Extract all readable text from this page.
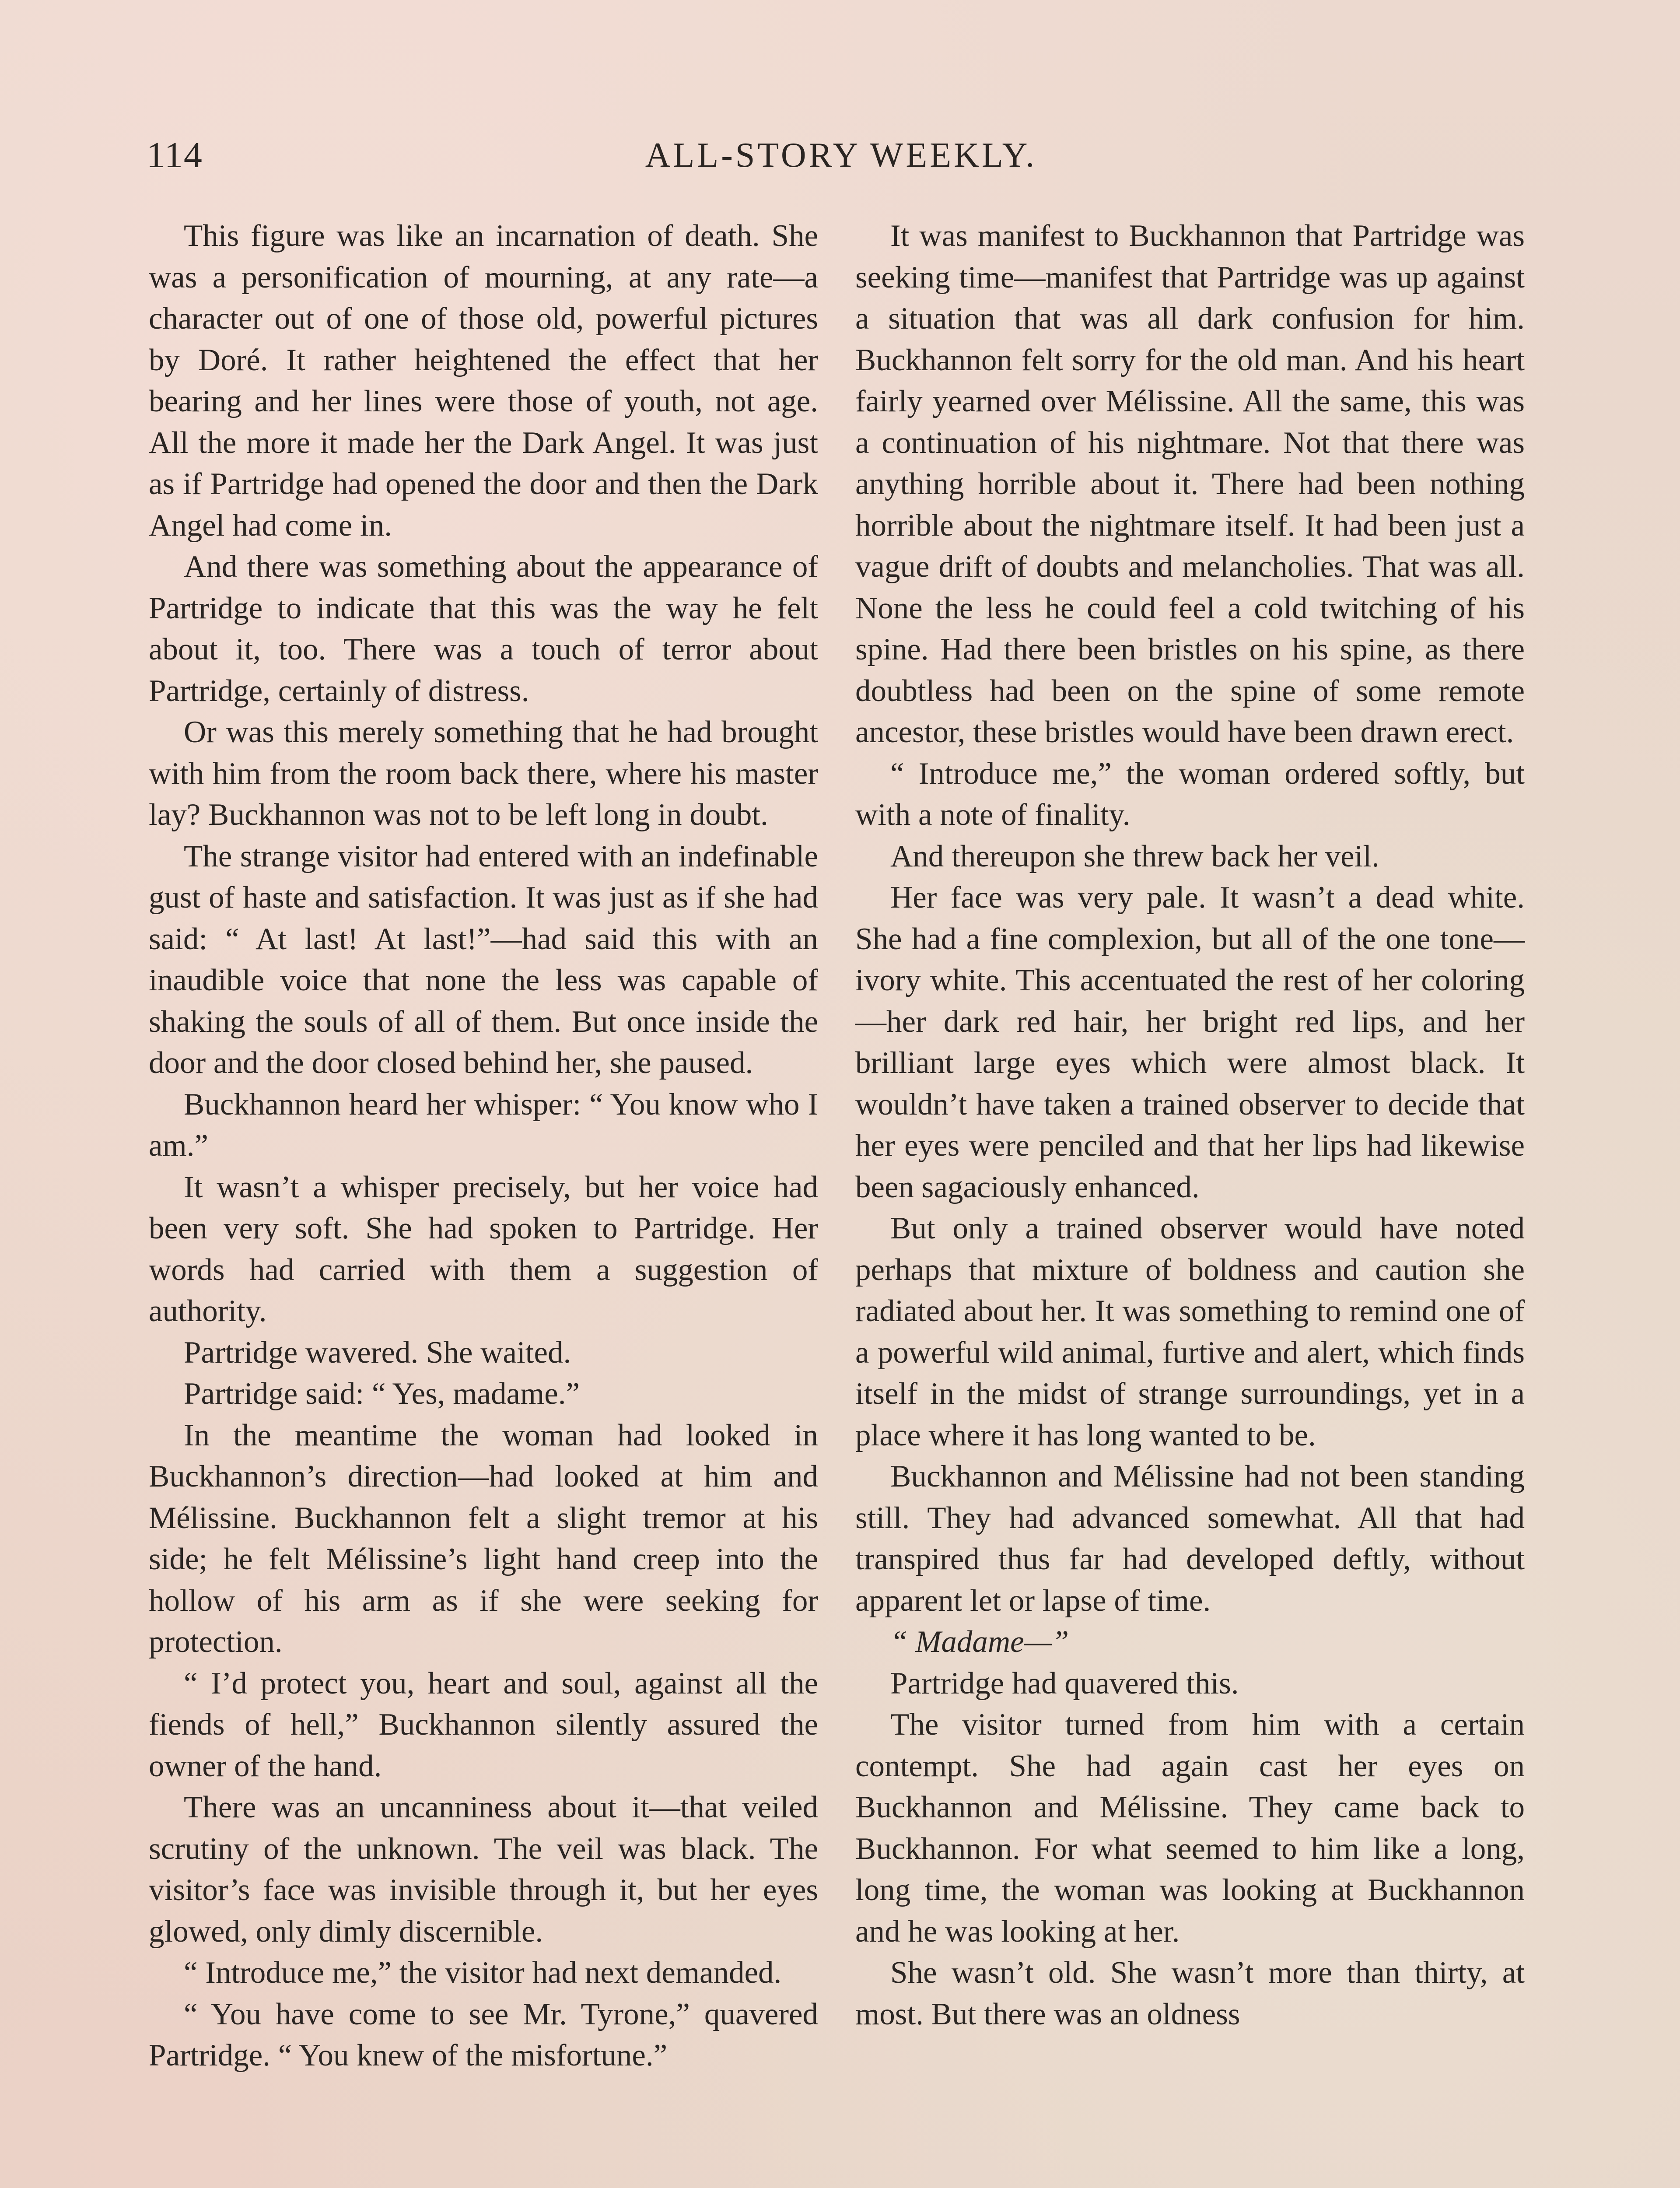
114	ALL-STORY WEEKLY.

This figure was like an incarnation of death. She was a personification of mourning, at any rate—a character out of one of those old, powerful pictures by Doré. It rather heightened the effect that her bearing and her lines were those of youth, not age. All the more it made her the Dark Angel. It was just as if Partridge had opened the door and then the Dark Angel had come in.

And there was something about the appearance of Partridge to indicate that this was the way he felt about it, too. There was a touch of terror about Partridge, certainly of distress.

Or was this merely something that he had brought with him from the room back there, where his master lay? Buckhannon was not to be left long in doubt.

The strange visitor had entered with an indefinable gust of haste and satisfaction. It was just as if she had said: “ At last! At last!”—had said this with an inaudible voice that none the less was capable of shaking the souls of all of them. But once inside the door and the door closed behind her, she paused.

Buckhannon heard her whisper: “ You know who I am.”

It wasn’t a whisper precisely, but her voice had been very soft. She had spoken to Partridge. Her words had carried with them a suggestion of authority.

Partridge wavered. She waited.

Partridge said: “ Yes, madame.”

In the meantime the woman had looked in Buckhannon’s direction—had looked at him and Mélissine. Buckhannon felt a slight tremor at his side; he felt Mélissine’s light hand creep into the hollow of his arm as if she were seeking for protection.

“ I’d protect you, heart and soul, against all the fiends of hell,” Buckhannon silently assured the owner of the hand.

There was an uncanniness about it—that veiled scrutiny of the unknown. The veil was black. The visitor’s face was invisible through it, but her eyes glowed, only dimly discernible.

“ Introduce me,” the visitor had next demanded.

“ You have come to see Mr. Tyrone,” quavered Partridge. “ You knew of the misfortune.”

It was manifest to Buckhannon that Partridge was seeking time—manifest that Partridge was up against a situation that was all dark confusion for him. Buckhannon felt sorry for the old man. And his heart fairly yearned over Mélissine. All the same, this was a continuation of his nightmare. Not that there was anything horrible about it. There had been nothing horrible about the nightmare itself. It had been just a vague drift of doubts and melancholies. That was all. None the less he could feel a cold twitching of his spine. Had there been bristles on his spine, as there doubtless had been on the spine of some remote ancestor, these bristles would have been drawn erect.

“ Introduce me,” the woman ordered softly, but with a note of finality.

And thereupon she threw back her veil.

Her face was very pale. It wasn’t a dead white. She had a fine complexion, but all of the one tone—ivory white. This accentuated the rest of her coloring—her dark red hair, her bright red lips, and her brilliant large eyes which were almost black. It wouldn’t have taken a trained observer to decide that her eyes were penciled and that her lips had likewise been sagaciously enhanced.

But only a trained observer would have noted perhaps that mixture of boldness and caution she radiated about her. It was something to remind one of a powerful wild animal, furtive and alert, which finds itself in the midst of strange surroundings, yet in a place where it has long wanted to be.

Buckhannon and Mélissine had not been standing still. They had advanced somewhat. All that had transpired thus far had developed deftly, without apparent let or lapse of time.

“ Madame—”

Partridge had quavered this.

The visitor turned from him with a certain contempt. She had again cast her eyes on Buckhannon and Mélissine. They came back to Buckhannon. For what seemed to him like a long, long time, the woman was looking at Buckhannon and he was looking at her.

She wasn’t old. She wasn’t more than thirty, at most. But there was an oldness
